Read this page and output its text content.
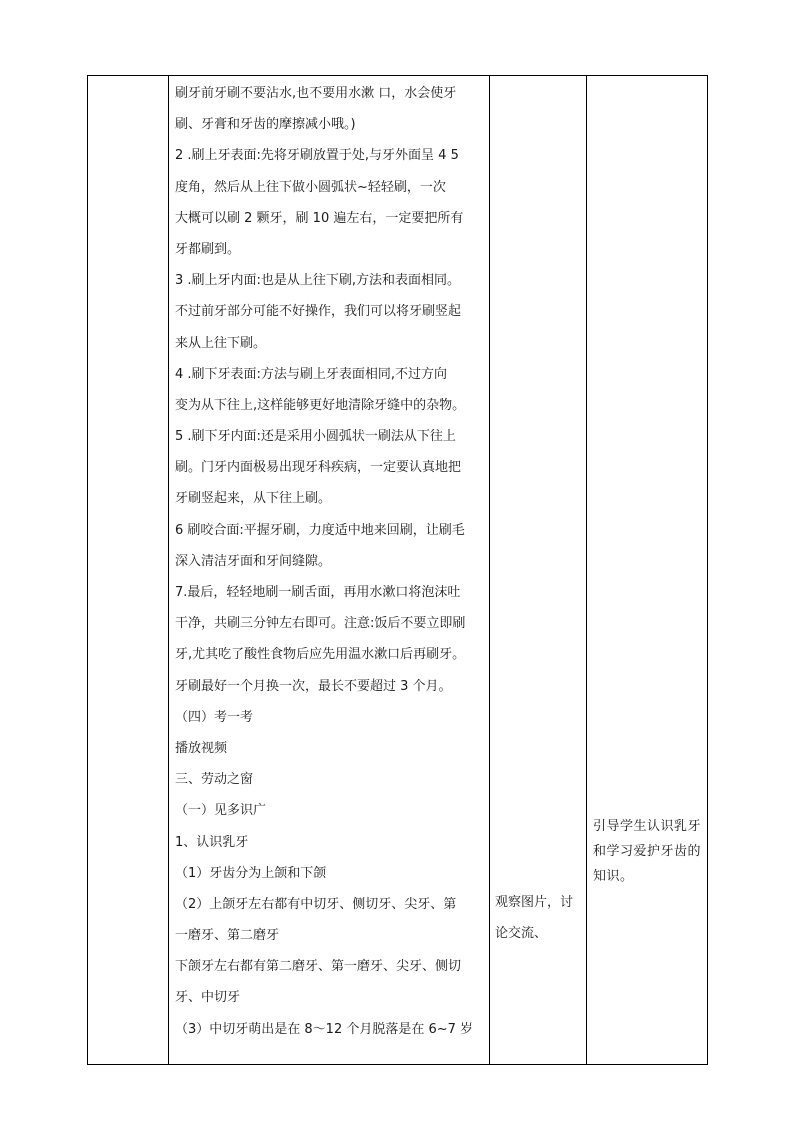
刷牙前牙刷不要沾水,也不要用水漱 口，水会使牙
刷、牙膏和牙齿的摩擦减小哦。)
2 .刷上牙表面:先将牙刷放置于处,与牙外面呈 4 5
度角，然后从上往下做小圆弧状~轻轻刷，一次
大概可以刷 2 颗牙，刷 10 遍左右，一定要把所有
牙都刷到。
3 .刷上牙内面:也是从上往下刷,方法和表面相同。
不过前牙部分可能不好操作，我们可以将牙刷竖起
来从上往下刷。
4 .刷下牙表面:方法与刷上牙表面相同,不过方向
变为从下往上,这样能够更好地清除牙缝中的杂物。
5 .刷下牙内面:还是采用小圆弧状一刷法从下往上
刷。门牙内面极易出现牙科疾病，一定要认真地把
牙刷竖起来，从下往上刷。
6 刷咬合面:平握牙刷，力度适中地来回刷，让刷毛
深入清洁牙面和牙间缝隙。
7.最后，轻轻地刷一刷舌面，再用水漱口将泡沫吐
干净，共刷三分钟左右即可。注意:饭后不要立即刷
牙,尤其吃了酸性食物后应先用温水漱口后再刷牙。
牙刷最好一个月换一次，最长不要超过 3 个月。
（四）考一考
播放视频
三、劳动之窗
（一）见多识广
1、认识乳牙
（1）牙齿分为上颌和下颌
（2）上颌牙左右都有中切牙、侧切牙、尖牙、第
一磨牙、第二磨牙
下颌牙左右都有第二磨牙、第一磨牙、尖牙、侧切
牙、中切牙
（3）中切牙萌出是在 8～12 个月脱落是在 6~7 岁

观察图片，讨论交流、

引导学生认识乳牙和学习爱护牙齿的知识。
